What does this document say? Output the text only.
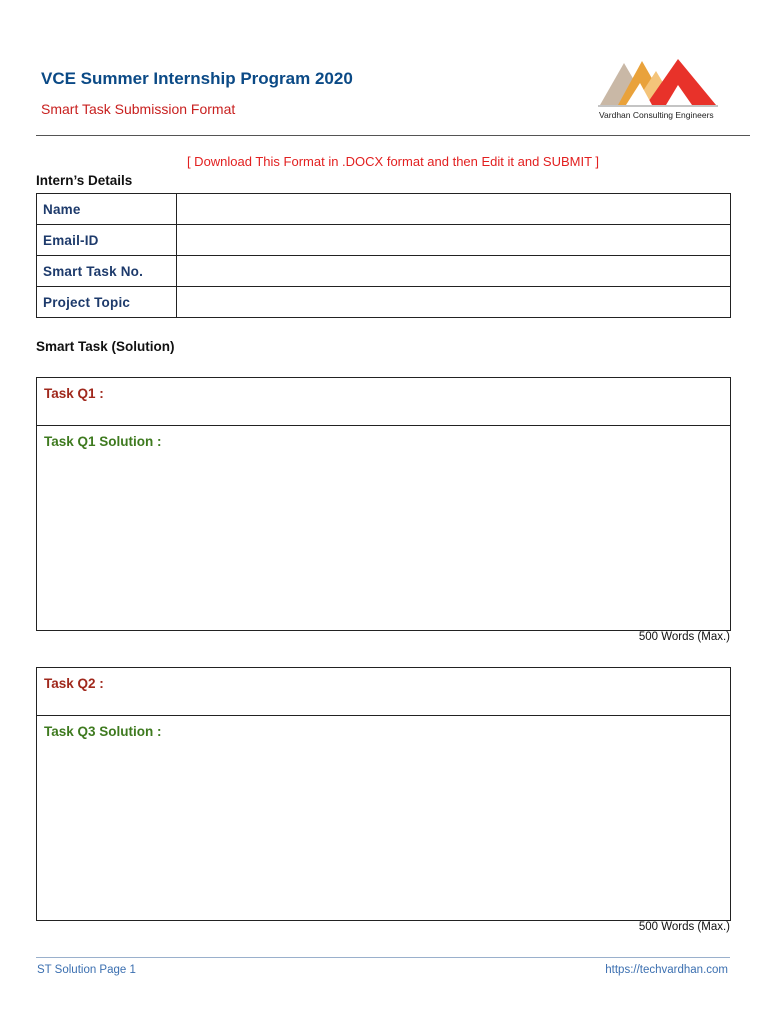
VCE Summer Internship Program 2020
Smart Task Submission Format	Vardhan Consulting Engineers
[ Download This Format in .DOCX format and then Edit it and SUBMIT ]
Intern’s Details
Name	
Email-ID	
Smart Task No.	
Project Topic	
Smart Task (Solution)
Task Q1 :
Task Q1 Solution :
500 Words (Max.)
Task Q2 :
Task Q3 Solution :
500 Words (Max.)
ST Solution Page 1	https://techvardhan.com
